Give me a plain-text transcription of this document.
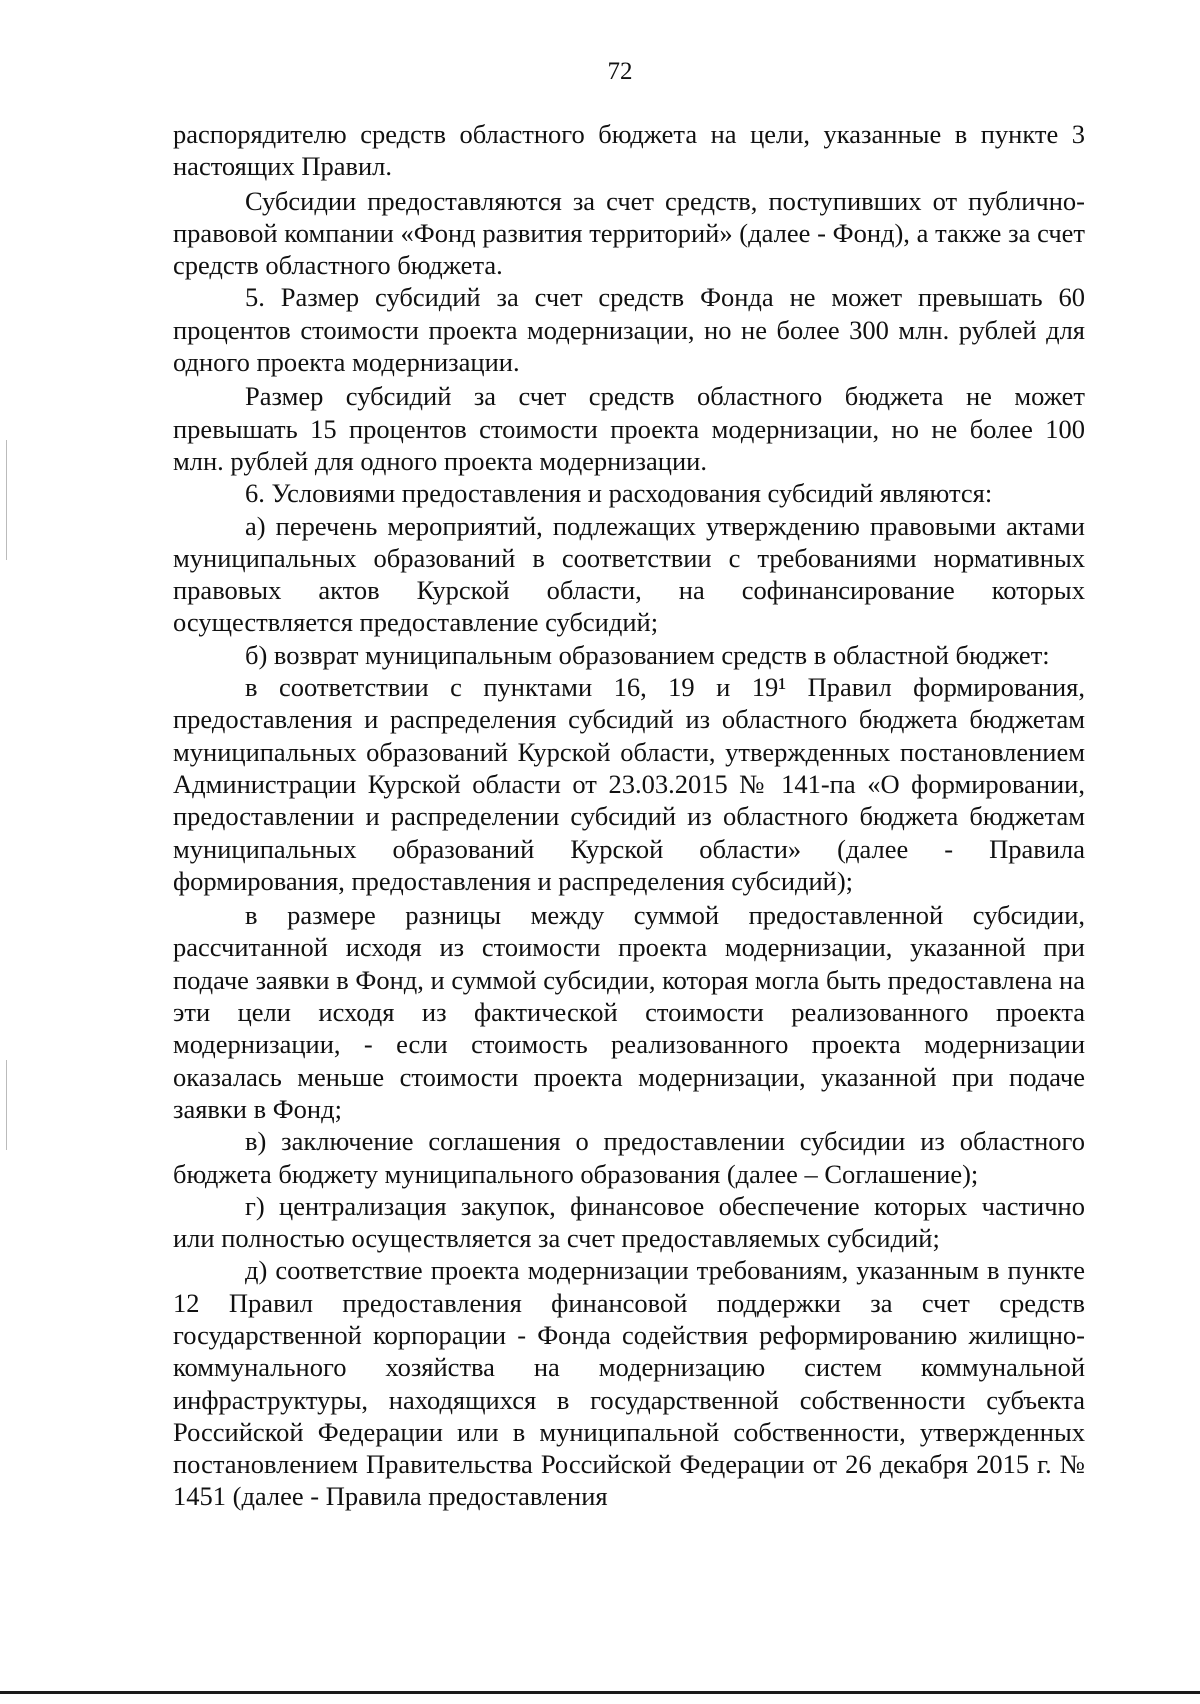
72

распорядителю средств областного бюджета на цели, указанные в пункте 3 настоящих Правил.

Субсидии предоставляются за счет средств, поступивших от публично-правовой компании «Фонд развития территорий» (далее - Фонд), а также за счет средств областного бюджета.

5. Размер субсидий за счет средств Фонда не может превышать 60 процентов стоимости проекта модернизации, но не более 300 млн. рублей для одного проекта модернизации.

Размер субсидий за счет средств областного бюджета не может превышать 15 процентов стоимости проекта модернизации, но не более 100 млн. рублей для одного проекта модернизации.

6. Условиями предоставления и расходования субсидий являются:

а) перечень мероприятий, подлежащих утверждению правовыми актами муниципальных образований в соответствии с требованиями нормативных правовых актов Курской области, на софинансирование которых осуществляется предоставление субсидий;

б) возврат муниципальным образованием средств в областной бюджет:

в соответствии с пунктами 16, 19 и 19¹ Правил формирования, предоставления и распределения субсидий из областного бюджета бюджетам муниципальных образований Курской области, утвержденных постановлением Администрации Курской области от 23.03.2015 № 141-па «О формировании, предоставлении и распределении субсидий из областного бюджета бюджетам муниципальных образований Курской области» (далее - Правила формирования, предоставления и распределения субсидий);

в размере разницы между суммой предоставленной субсидии, рассчитанной исходя из стоимости проекта модернизации, указанной при подаче заявки в Фонд, и суммой субсидии, которая могла быть предоставлена на эти цели исходя из фактической стоимости реализованного проекта модернизации, - если стоимость реализованного проекта модернизации оказалась меньше стоимости проекта модернизации, указанной при подаче заявки в Фонд;

в) заключение соглашения о предоставлении субсидии из областного бюджета бюджету муниципального образования (далее – Соглашение);

г) централизация закупок, финансовое обеспечение которых частично или полностью осуществляется за счет предоставляемых субсидий;

д) соответствие проекта модернизации требованиям, указанным в пункте 12 Правил предоставления финансовой поддержки за счет средств государственной корпорации - Фонда содействия реформированию жилищно-коммунального хозяйства на модернизацию систем коммунальной инфраструктуры, находящихся в государственной собственности субъекта Российской Федерации или в муниципальной собственности, утвержденных постановлением Правительства Российской Федерации от 26 декабря 2015 г. № 1451 (далее - Правила предоставления
